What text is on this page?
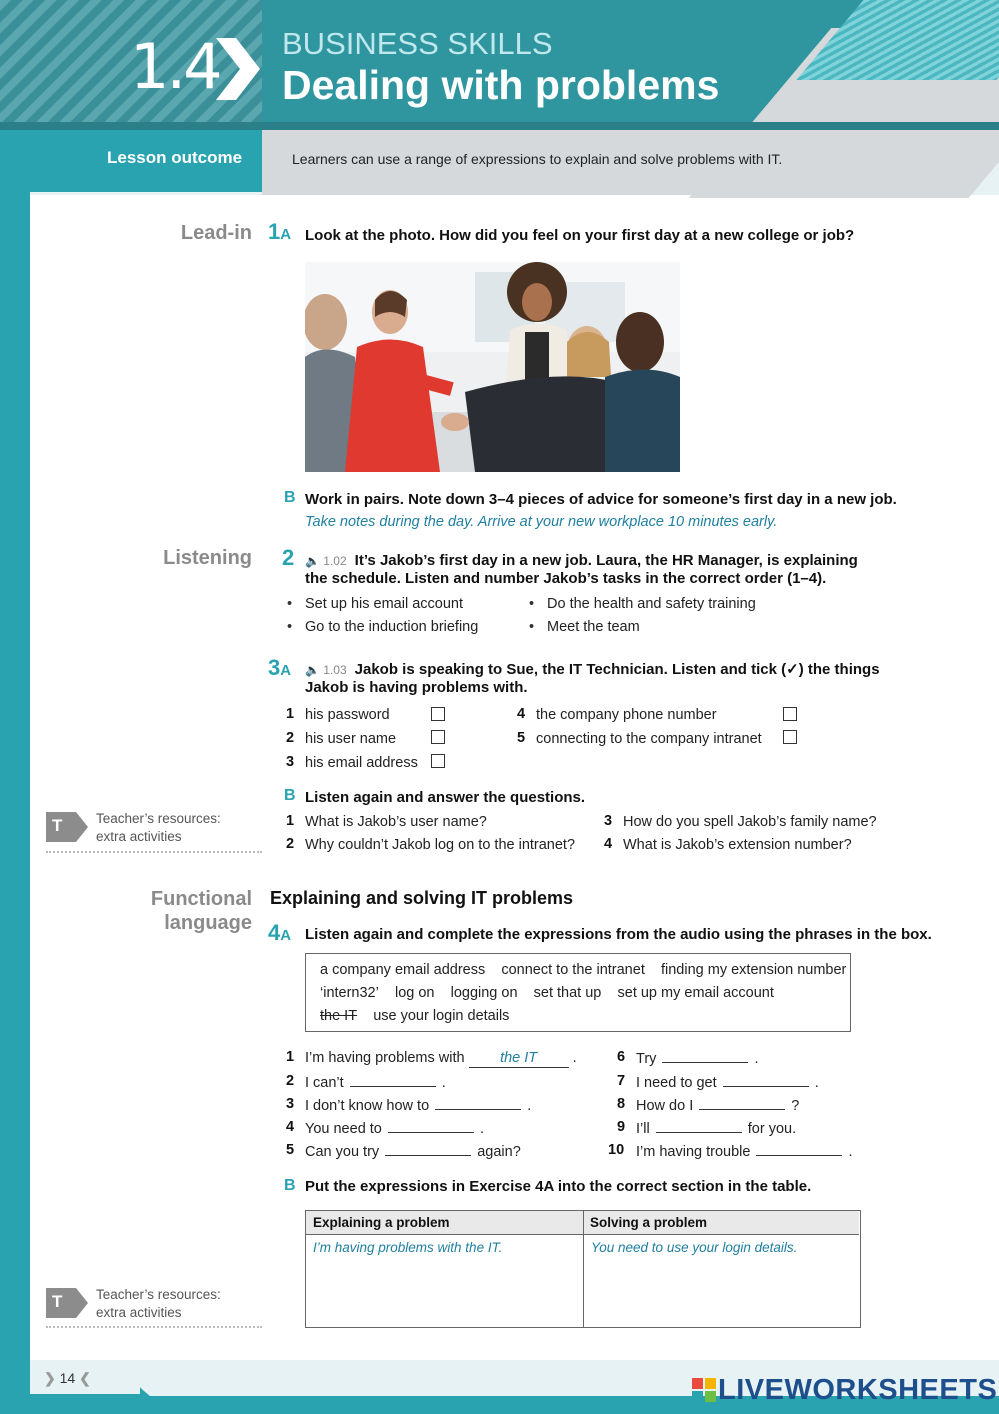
1.4 BUSINESS SKILLS
Dealing with problems
Lesson outcome	Learners can use a range of expressions to explain and solve problems with IT.
Lead-in 1A Look at the photo. How did you feel on your first day at a new college or job?
B Work in pairs. Note down 3–4 pieces of advice for someone’s first day in a new job.
Take notes during the day. Arrive at your new workplace 10 minutes early.
Listening 2 🔈 1.02 It’s Jakob’s first day in a new job. Laura, the HR Manager, is explaining
the schedule. Listen and number Jakob’s tasks in the correct order (1–4).
• Set up his email account
• Go to the induction briefing
• Do the health and safety training
• Meet the team
3A 🔈 1.03 Jakob is speaking to Sue, the IT Technician. Listen and tick (✓) the things
Jakob is having problems with.
1 his password
2 his user name
3 his email address
4 the company phone number
5 connecting to the company intranet
B Listen again and answer the questions.
1 What is Jakob’s user name?
2 Why couldn’t Jakob log on to the intranet?
3 How do you spell Jakob’s family name?
4 What is Jakob’s extension number?
T Teacher’s resources:
extra activities
Functional
language
Explaining and solving IT problems
4A Listen again and complete the expressions from the audio using the phrases in the box.
a company email address connect to the intranet finding my extension number
‘intern32’ log on logging on set that up set up my email account
the IT use your login details
1 I’m having problems with the IT .
2 I can’t	.
3 I don’t know how to	.
4 You need to	.
5 Can you try	again?
6 Try	.
7 I need to get	.
8 How do I	?
9 I’ll	for you.
10 I’m having trouble	.
B Put the expressions in Exercise 4A into the correct section in the table.
Explaining a problem	Solving a problem
I’m having problems with the IT.	You need to use your login details.
T Teacher’s resources:
extra activities
❯ 14 ❮	LIVEWORKSHEETS
